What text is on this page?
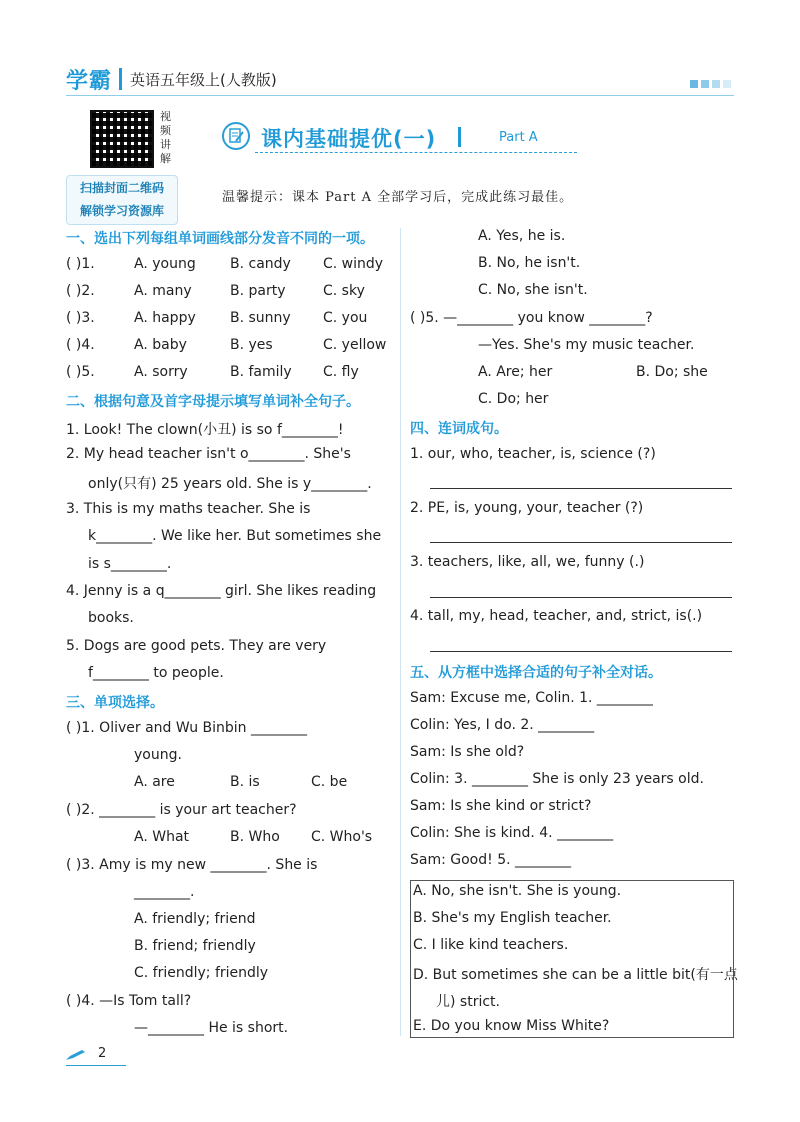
学霸 英语五年级上(人教版)
视
频
讲
解
扫描封面二维码
解锁学习资源库
课内基础提优(一)	Part A
温馨提示：课本 Part A 全部学习后，完成此练习最佳。
一、选出下列每组单词画线部分发音不同的一项。
( )1.	A. young B. candy C. windy
( )2.	A. many	B. party	C. sky
( )3.	A. happy B. sunny C. you
( )4.	A. baby	B. yes	C. yellow
( )5.	A. sorry	B. family C. fly
二、根据句意及首字母提示填写单词补全句子。
1. Look! The clown(小丑) is so f________!
2. My head teacher isn't o________. She's
only(只有) 25 years old. She is y________.
3. This is my maths teacher. She is
k________. We like her. But sometimes she
is s________.
4. Jenny is a q________ girl. She likes reading
books.
5. Dogs are good pets. They are very
f________ to people.
三、单项选择。
( )1. Oliver and Wu Binbin ________
young.
A. are	B. is	C. be
( )2. ________ is your art teacher?
A. What	B. Who C. Who's
( )3. Amy is my new ________. She is
________.
A. friendly; friend
B. friend; friendly
C. friendly; friendly
( )4. —Is Tom tall?
—________ He is short.
A. Yes, he is.
B. No, he isn't.
C. No, she isn't.
( )5. —________ you know ________?
—Yes. She's my music teacher.
A. Are; her	B. Do; she
C. Do; her
四、连词成句。
1. our, who, teacher, is, science (?)
2. PE, is, young, your, teacher (?)
3. teachers, like, all, we, funny (.)
4. tall, my, head, teacher, and, strict, is(.)
五、从方框中选择合适的句子补全对话。
Sam: Excuse me, Colin. 1. ________
Colin: Yes, I do. 2. ________
Sam: Is she old?
Colin: 3. ________ She is only 23 years old.
Sam: Is she kind or strict?
Colin: She is kind. 4. ________
Sam: Good! 5. ________
A. No, she isn't. She is young.
B. She's my English teacher.
C. I like kind teachers.
D. But sometimes she can be a little bit(有一点
儿) strict.
E. Do you know Miss White?
2
